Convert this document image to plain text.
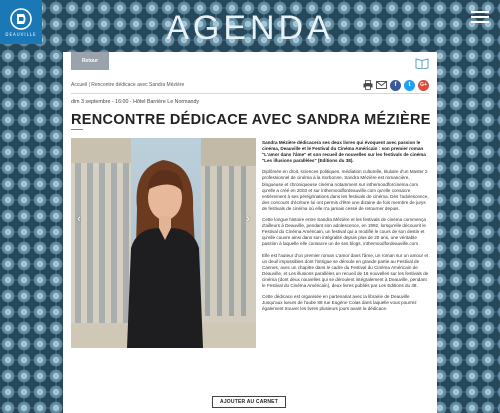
DEAUVILLE	AGENDA
Retour
Accueil | Rencontre dédicace avec Sandra Mézière	f	t	G+
dim 3 septembre - 16:00 - Hôtel Barrière Le Normandy
RENCONTRE DÉDICACE AVEC SANDRA MÉZIÈRE
‹	›

Sandra Mézière dédicacera ses deux livres qui évoquent avec passion le cinéma, Deauville et le Festival du Cinéma Américain : son premier roman "L'amor dans l'âme" et son recueil de nouvelles sur les festivals de cinéma "Les illusions parallèles" (Editions du 38).

Diplômée en droit, sciences politiques, médiation culturelle, titulaire d'un Master 2 professionnel de cinéma à la Sorbonne, Sandra Mézière est romancière, blogueuse et chroniqueuse cinéma notamment sur inthemoodforcinema.com qu'elle a créé en 2003 et sur inthemoodfordeauville.com qu'elle consacre entièrement à ses pérégrinations dans les festivals de cinéma. Dès l'adolescence, des concours d'écriture lui ont permis d'être une dizaine de fois membre de jurys de festivals de cinéma où elle n'a jamais cessé de retourner depuis.

Cette longue histoire entre Sandra Mézière et les festivals de cinéma commença d'ailleurs à Deauville, pendant son adolescence, en 1992, lorsqu'elle découvrit le Festival du Cinéma Américain, un festival qui a modifié le cours de son destin et qu'elle couvre ainsi dans son intégralité depuis plus de 20 ans, une véritable passion à laquelle elle consacre un de ses blogs, inthemoodfordeauville.com .

Elle est l'auteur d'un premier roman L'amor dans l'âme, un roman sur un amour et un deuil impossibles dont l'intrigue se déroule en grande partie au Festival de Cannes, avec un chapitre dans le cadre du Festival du Cinéma Américain de Deauville, et Les illusions parallèles un recueil de 16 nouvelles sur les festivals de cinéma (dont deux nouvelles qui se déroulent intégralement à Deauville, pendant le Festival du Cinéma Américain), deux livres publiés par Les Editions du 38.

Cette dédicace est organisée en partenariat avec la librairie de Deauville Jusqu'aux lueurs de l'aube 88 rue Eugène Colas dans laquelle vous pourrez également trouver les livres plusieurs jours avant la dédicace.

AJOUTER AU CARNET
